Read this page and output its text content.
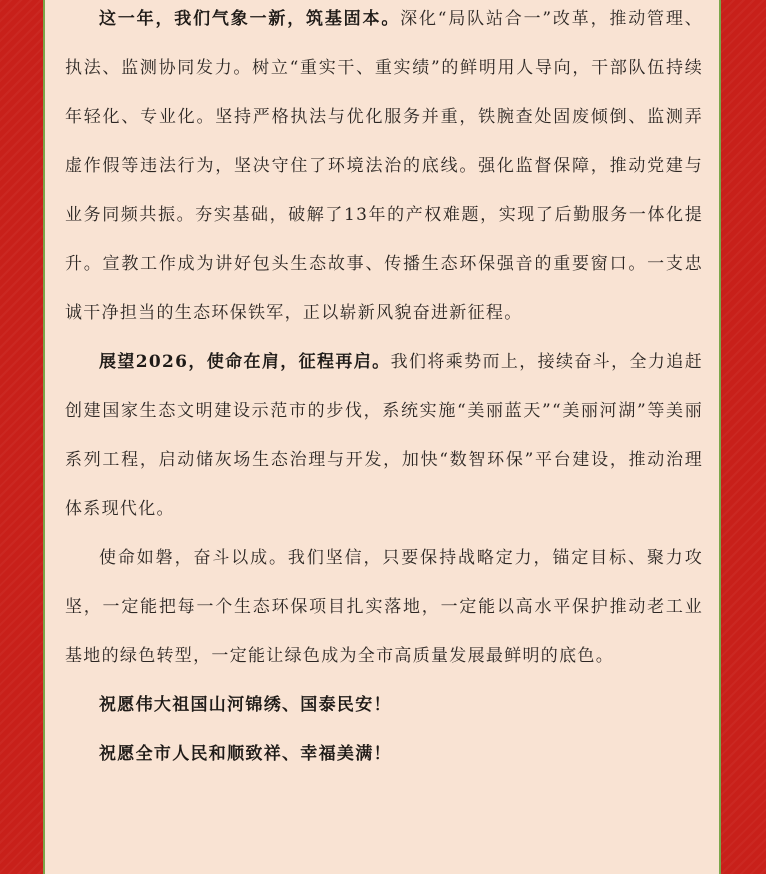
这一年，我们气象一新，筑基固本。深化“局队站合一”改革，推动管理、执法、监测协同发力。树立“重实干、重实绩”的鲜明用人导向，干部队伍持续年轻化、专业化。坚持严格执法与优化服务并重，铁腕查处固废倾倒、监测弄虚作假等违法行为，坚决守住了环境法治的底线。强化监督保障，推动党建与业务同频共振。夯实基础，破解了13年的产权难题，实现了后勤服务一体化提升。宣教工作成为讲好包头生态故事、传播生态环保强音的重要窗口。一支忠诚干净担当的生态环保铁军，正以崭新风貌奋进新征程。

展望2026，使命在肩，征程再启。我们将乘势而上，接续奋斗，全力追赶创建国家生态文明建设示范市的步伐，系统实施“美丽蓝天”“美丽河湖”等美丽系列工程，启动储灰场生态治理与开发，加快“数智环保”平台建设，推动治理体系现代化。

使命如磐，奋斗以成。我们坚信，只要保持战略定力，锚定目标、聚力攻坚，一定能把每一个生态环保项目扎实落地，一定能以高水平保护推动老工业基地的绿色转型，一定能让绿色成为全市高质量发展最鲜明的底色。

祝愿伟大祖国山河锦绣、国泰民安！

祝愿全市人民和顺致祥、幸福美满！
